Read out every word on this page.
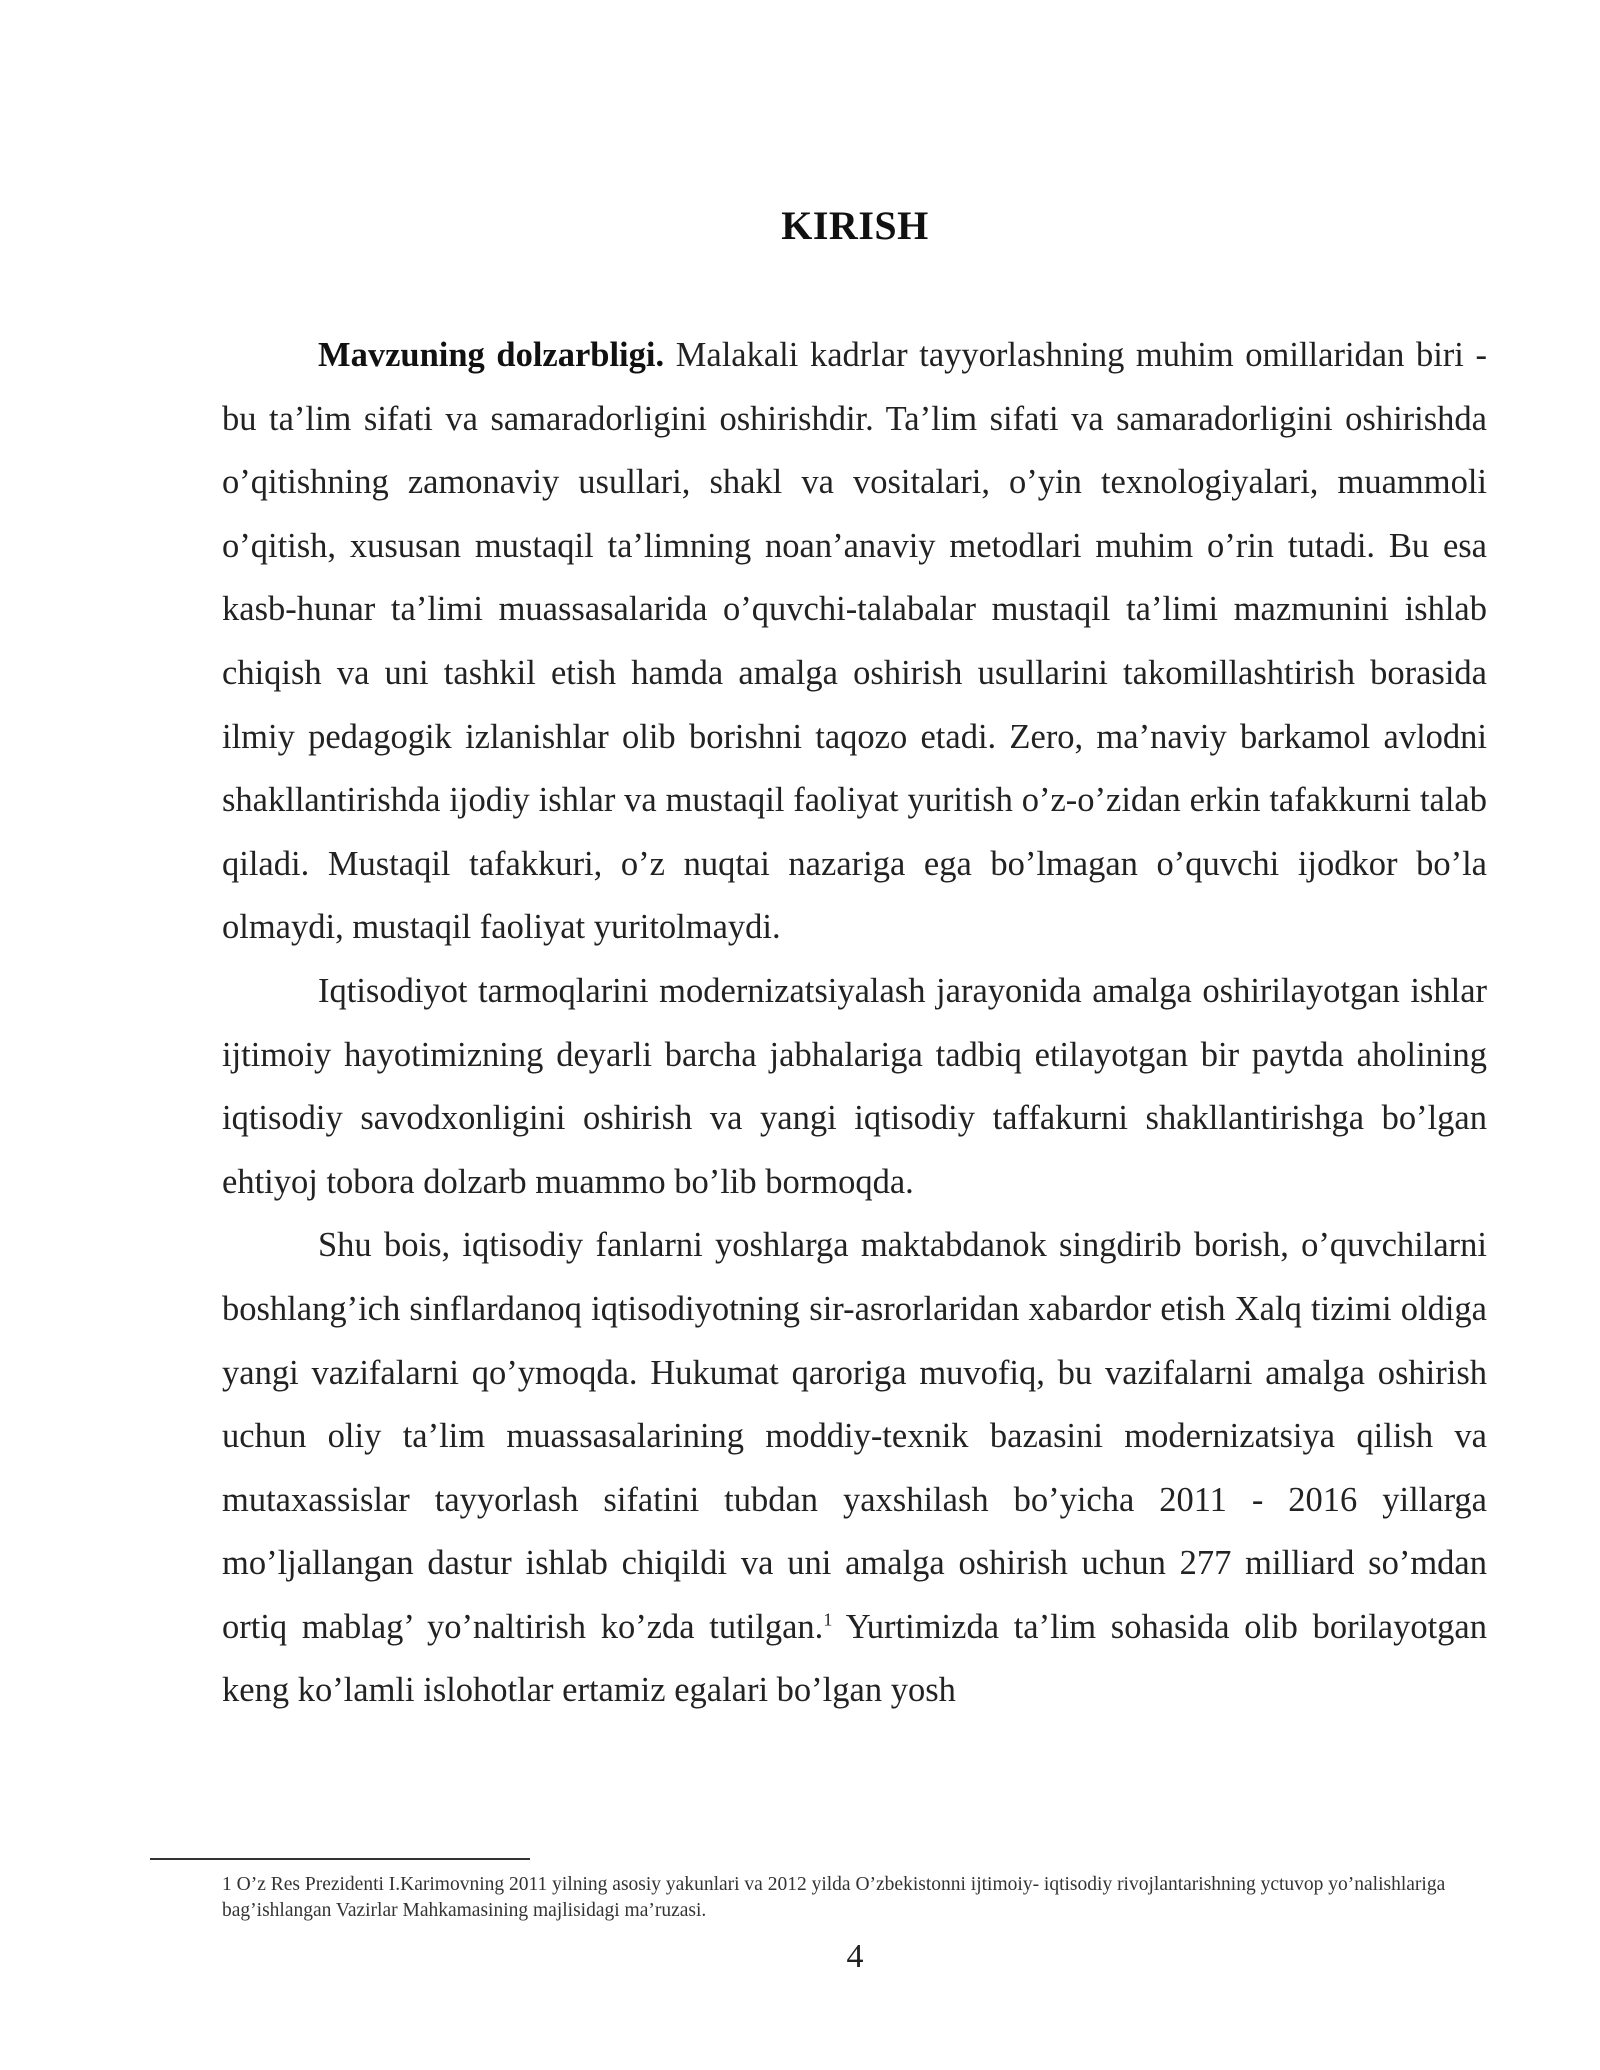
KIRISH

Mavzuning dolzarbligi. Malakali kadrlar tayyorlashning muhim omillaridan biri - bu ta’lim sifati va samaradorligini oshirishdir. Ta’lim sifati va samaradorligini oshirishda o’qitishning zamonaviy usullari, shakl va vositalari, o’yin texnologiyalari, muammoli o’qitish, xususan mustaqil ta’limning noan’anaviy metodlari muhim o’rin tutadi. Bu esa kasb-hunar ta’limi muassasalarida o’quvchi-talabalar mustaqil ta’limi mazmunini ishlab chiqish va uni tashkil etish hamda amalga oshirish usullarini takomillashtirish borasida ilmiy pedagogik izlanishlar olib borishni taqozo etadi. Zero, ma’naviy barkamol avlodni shakllantirishda ijodiy ishlar va mustaqil faoliyat yuritish o’z-o’zidan erkin tafakkurni talab qiladi. Mustaqil tafakkuri, o’z nuqtai nazariga ega bo’lmagan o’quvchi ijodkor bo’la olmaydi, mustaqil faoliyat yuritolmaydi.

Iqtisodiyot tarmoqlarini modernizatsiyalash jarayonida amalga oshirilayotgan ishlar ijtimoiy hayotimizning deyarli barcha jabhalariga tadbiq etilayotgan bir paytda aholining iqtisodiy savodxonligini oshirish va yangi iqtisodiy taffakurni shakllantirishga bo’lgan ehtiyoj tobora dolzarb muammo bo’lib bormoqda.

Shu bois, iqtisodiy fanlarni yoshlarga maktabdanok singdirib borish, o’quvchilarni boshlang’ich sinflardanoq iqtisodiyotning sir-asrorlaridan xabardor etish Xalq tizimi oldiga yangi vazifalarni qo’ymoqda. Hukumat qaroriga muvofiq, bu vazifalarni amalga oshirish uchun oliy ta’lim muassasalarining moddiy-texnik bazasini modernizatsiya qilish va mutaxassislar tayyorlash sifatini tubdan yaxshilash bo’yicha 2011 - 2016 yillarga mo’ljallangan dastur ishlab chiqildi va uni amalga oshirish uchun 277 milliard so’mdan ortiq mablag’ yo’naltirish ko’zda tutilgan.$^1$ Yurtimizda ta’lim sohasida olib borilayotgan keng ko’lamli islohotlar ertamiz egalari bo’lgan yosh

1 O’z Res Prezidenti I.Karimovning 2011 yilning asosiy yakunlari va 2012 yilda O’zbekistonni ijtimoiy- iqtisodiy rivojlantarishning yctuvop yo’nalishlariga bag’ishlangan Vazirlar Mahkamasining majlisidagi ma’ruzasi.
4
